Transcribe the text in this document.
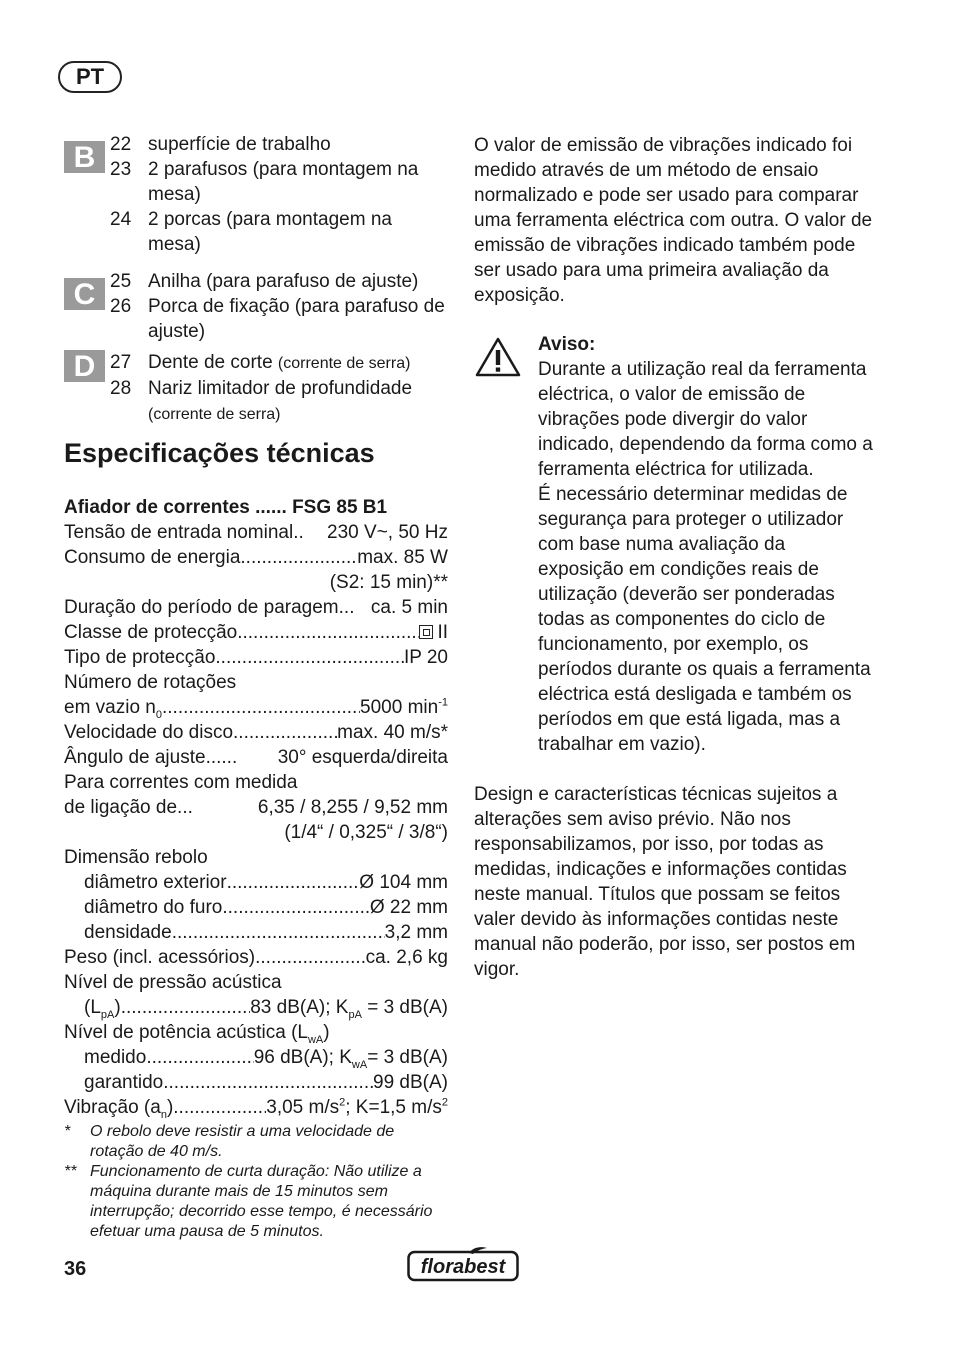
PT
B 22 superfície de trabalho
23 2 parafusos (para montagem na mesa)
24 2 porcas (para montagem na mesa)
C 25 Anilha (para parafuso de ajuste)
26 Porca de fixação (para parafuso de ajuste)
D 27 Dente de corte (corrente de serra)
28 Nariz limitador de profundidade
(corrente de serra)
Especificações técnicas
Afiador de correntes ...... FSG 85 B1
Tensão de entrada nominal .. 230 V~, 50 Hz
Consumo de energia .....	max. 85 W
(S2: 15 min)**
Duração do período de paragem ... ca. 5 min
Classe de protecção .....	II
Tipo de protecção .....	IP 20
Número de rotações
em vazio $n_0$ .....	5000 $\min^{-1}$
Velocidade do disco .....	max. 40 m/s*
Ângulo de ajuste ...... 30° esquerda/direita
Para correntes com medida
de ligação de ...	6,35 / 8,255 / 9,52 mm
(1/4“ / 0,325“ / 3/8“)
Dimensão rebolo
diâmetro exterior .....	Ø 104 mm
diâmetro do furo .....	Ø 22 mm
densidade .....	3,2 mm
Peso (incl. acessórios) .....	ca. 2,6 kg
Nível de pressão acústica
$(L_{pA})$ .....	83 dB(A); $K_{pA} = 3$ dB(A)
Nível de potência acústica $(L_{wA})$
medido .....	96 dB(A); $K_{wA}= 3$ dB(A)
garantido .....	99 dB(A)
Vibração $(a_n)$ .....	3,05 $m/s^2$; K=1,5 $m/s^2$
*	O rebolo deve resistir a uma velocidade de rotação de 40 m/s.
** Funcionamento de curta duração: Não utilize a máquina durante mais de 15 minutos sem interrupção; decorrido esse tempo, é necessário efetuar uma pausa de 5 minutos.

O valor de emissão de vibrações indicado foi medido através de um método de ensaio normalizado e pode ser usado para comparar uma ferramenta eléctrica com outra. O valor de emissão de vibrações indicado também pode ser usado para uma primeira avaliação da exposição.

Aviso:

Durante a utilização real da ferramenta eléctrica, o valor de emissão de vibrações pode divergir do valor indicado, dependendo da forma como a ferramenta eléctrica for utilizada.

É necessário determinar medidas de segurança para proteger o utilizador com base numa avaliação da exposição em condições reais de utilização (deverão ser ponderadas todas as componentes do ciclo de funcionamento, por exemplo, os períodos durante os quais a ferramenta eléctrica está desligada e também os períodos em que está ligada, mas a trabalhar em vazio).

Design e características técnicas sujeitos a alterações sem aviso prévio. Não nos responsabilizamos, por isso, por todas as medidas, indicações e informações contidas neste manual. Títulos que possam se feitos valer devido às informações contidas neste manual não poderão, por isso, ser postos em vigor.

36	florabest
